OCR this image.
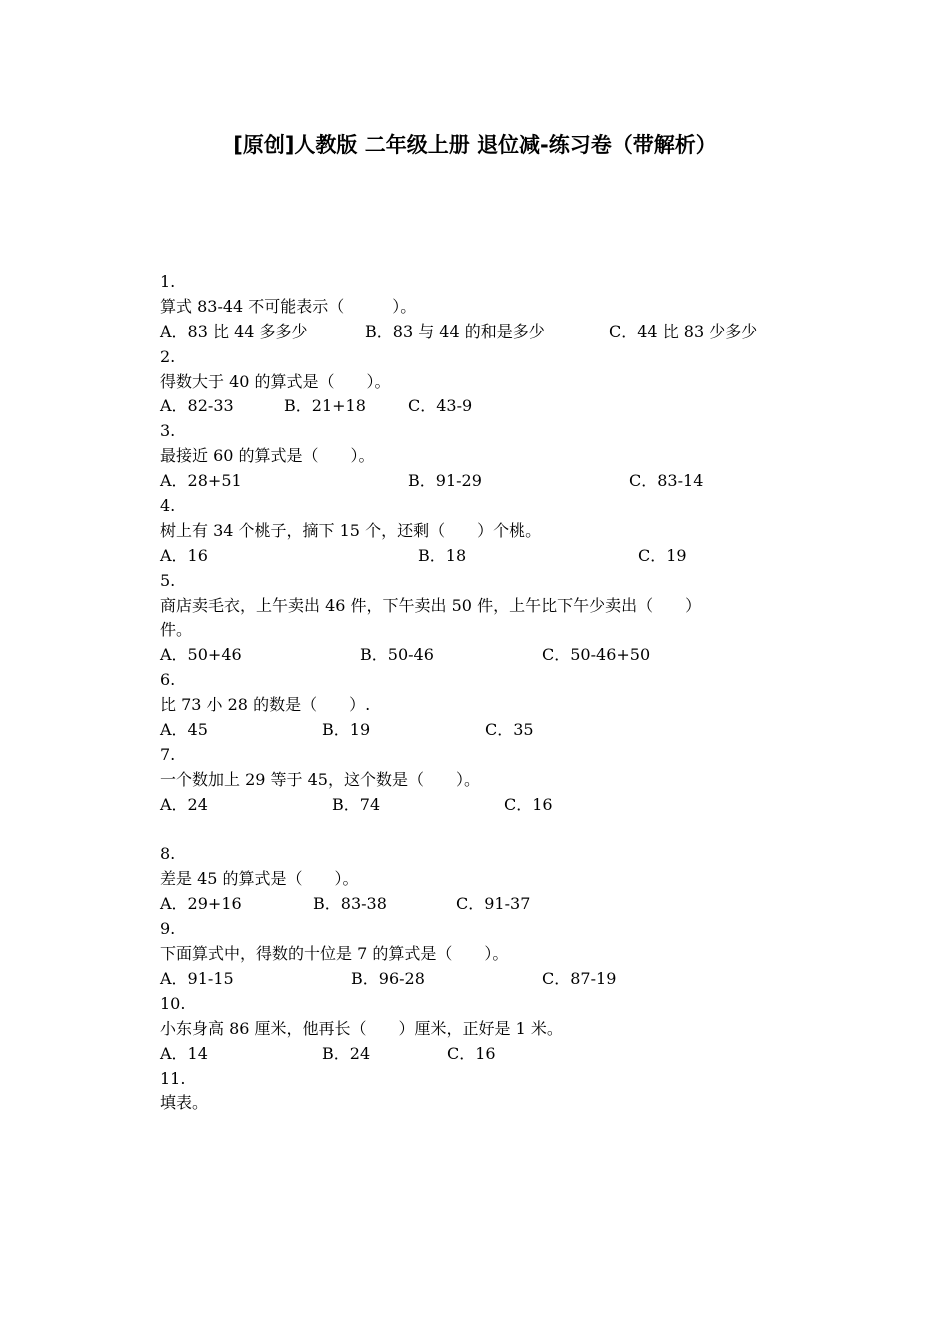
[原创]人教版 二年级上册 退位减-练习卷（带解析）
1.
算式 83-44 不可能表示（　　　）。
A．83 比 44 多多少	B．83 与 44 的和是多少	C．44 比 83 少多少
2.
得数大于 40 的算式是（　　）。
A．82-33	B．21+18	C．43-9
3.
最接近 60 的算式是（　　）。
A．28+51	B．91-29	C．83-14
4.
树上有 34 个桃子，摘下 15 个，还剩（　　）个桃。
A．16	B．18	C．19
5.
商店卖毛衣，上午卖出 46 件，下午卖出 50 件，上午比下午少卖出（　　）
件。
A．50+46	B．50-46	C．50-46+50
6.
比 73 小 28 的数是（　　）.
A．45	B．19	C．35
7.
一个数加上 29 等于 45，这个数是（　　）。
A．24	B．74	C．16
8.
差是 45 的算式是（　　）。
A．29+16	B．83-38	C．91-37
9.
下面算式中，得数的十位是 7 的算式是（　　）。
A．91-15	B．96-28	C．87-19
10.
小东身高 86 厘米，他再长（　　）厘米，正好是 1 米。
A．14	B．24	C．16
11.
填表。
